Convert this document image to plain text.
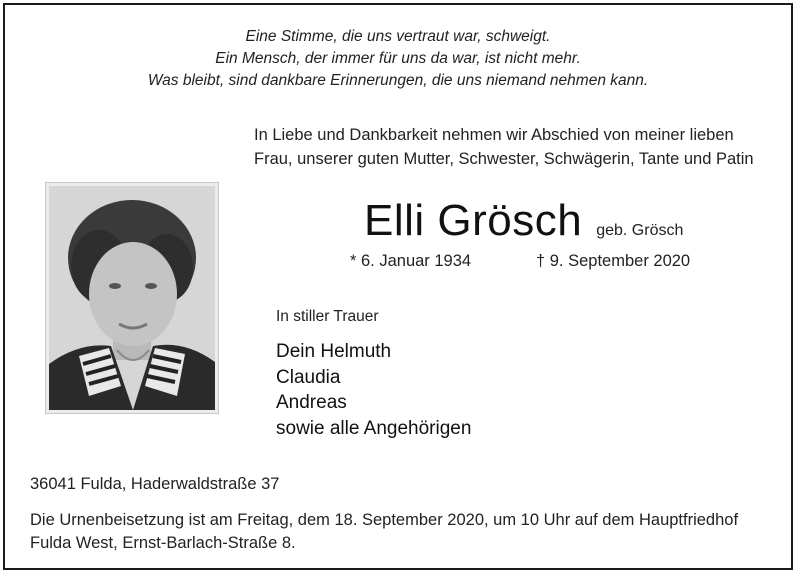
Eine Stimme, die uns vertraut war, schweigt.
Ein Mensch, der immer für uns da war, ist nicht mehr.
Was bleibt, sind dankbare Erinnerungen, die uns niemand nehmen kann.
In Liebe und Dankbarkeit nehmen wir Abschied von meiner lieben
Frau, unserer guten Mutter, Schwester, Schwägerin, Tante und Patin
Elli Grösch geb. Grösch
* 6. Januar 1934	† 9. September 2020
In stiller Trauer
Dein Helmuth
Claudia
Andreas
sowie alle Angehörigen
36041 Fulda, Haderwaldstraße 37
Die Urnenbeisetzung ist am Freitag, dem 18. September 2020, um 10 Uhr auf dem Hauptfriedhof
Fulda West, Ernst-Barlach-Straße 8.
